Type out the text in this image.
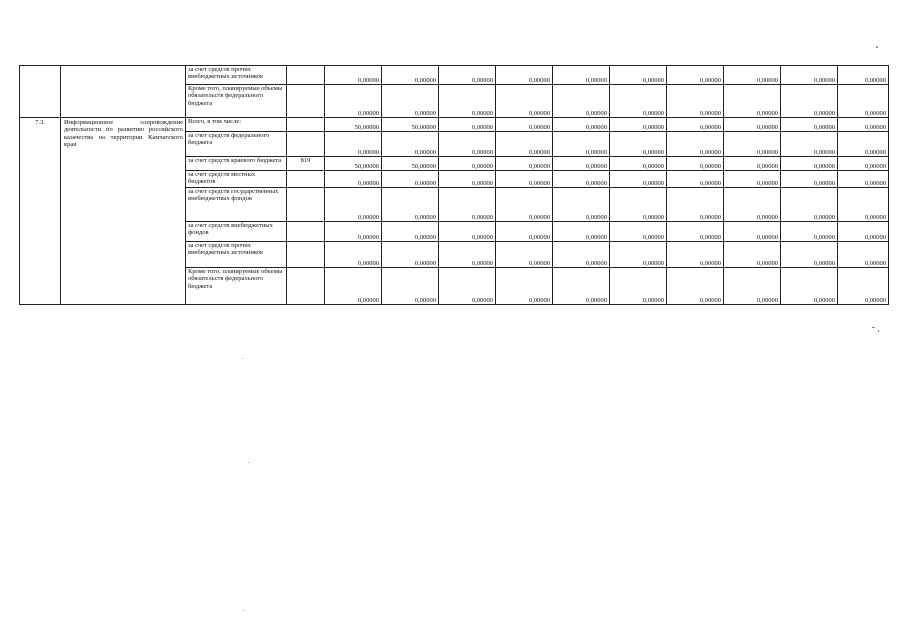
		за счет средств прочих внебюджетных источников		0,00000	0,00000	0,00000	0,00000	0,00000	0,00000	0,00000	0,00000	0,00000	0,00000
		Кроме того, планируемые объемы обязательств федерального бюджета		0,00000	0,00000	0,00000	0,00000	0,00000	0,00000	0,00000	0,00000	0,00000	0,00000
7.3.	Информационное сопровождение деятельности по развитию российского казачества на территории Камчатского края	Всего, в том числе:		50,00000	50,00000	0,00000	0,00000	0,00000	0,00000	0,00000	0,00000	0,00000	0,00000
		за счет средств федерального бюджета		0,00000	0,00000	0,00000	0,00000	0,00000	0,00000	0,00000	0,00000	0,00000	0,00000
		за счет средств краевого бюджета	819	50,00000	50,00000	0,00000	0,00000	0,00000	0,00000	0,00000	0,00000	0,00000	0,00000
		за счет средств местных бюджетов		0,00000	0,00000	0,00000	0,00000	0,00000	0,00000	0,00000	0,00000	0,00000	0,00000
		за счет средств государственных внебюджетных фондов		0,00000	0,00000	0,00000	0,00000	0,00000	0,00000	0,00000	0,00000	0,00000	0,00000
		за счет средств внебюджетных фондов		0,00000	0,00000	0,00000	0,00000	0,00000	0,00000	0,00000	0,00000	0,00000	0,00000
		за счет средств прочих внебюджетных источников		0,00000	0,00000	0,00000	0,00000	0,00000	0,00000	0,00000	0,00000	0,00000	0,00000
		Кроме того, планируемые объемы обязательств федерального бюджета		0,00000	0,00000	0,00000	0,00000	0,00000	0,00000	0,00000	0,00000	0,00000	0,00000
